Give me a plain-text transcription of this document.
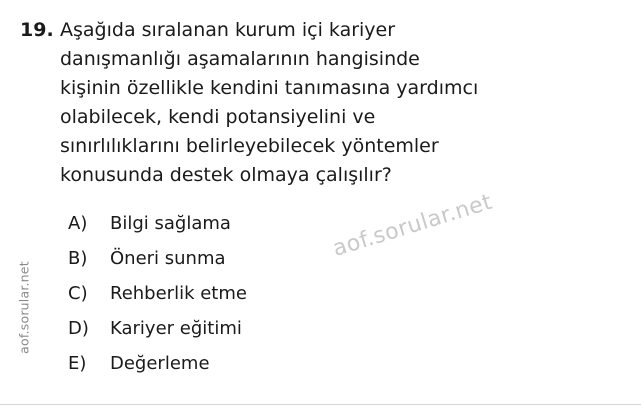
aof.sorular.net
19. Aşağıda sıralanan kurum içi kariyer
danışmanlığı aşamalarının hangisinde
kişinin özellikle kendini tanımasına yardımcı
olabilecek, kendi potansiyelini ve
sınırlılıklarını belirleyebilecek yöntemler
konusunda destek olmaya çalışılır?
aof.sorular.net
A)	Bilgi sağlama
B)	Öneri sunma
C)	Rehberlik etme
D)	Kariyer eğitimi
E)	Değerleme
